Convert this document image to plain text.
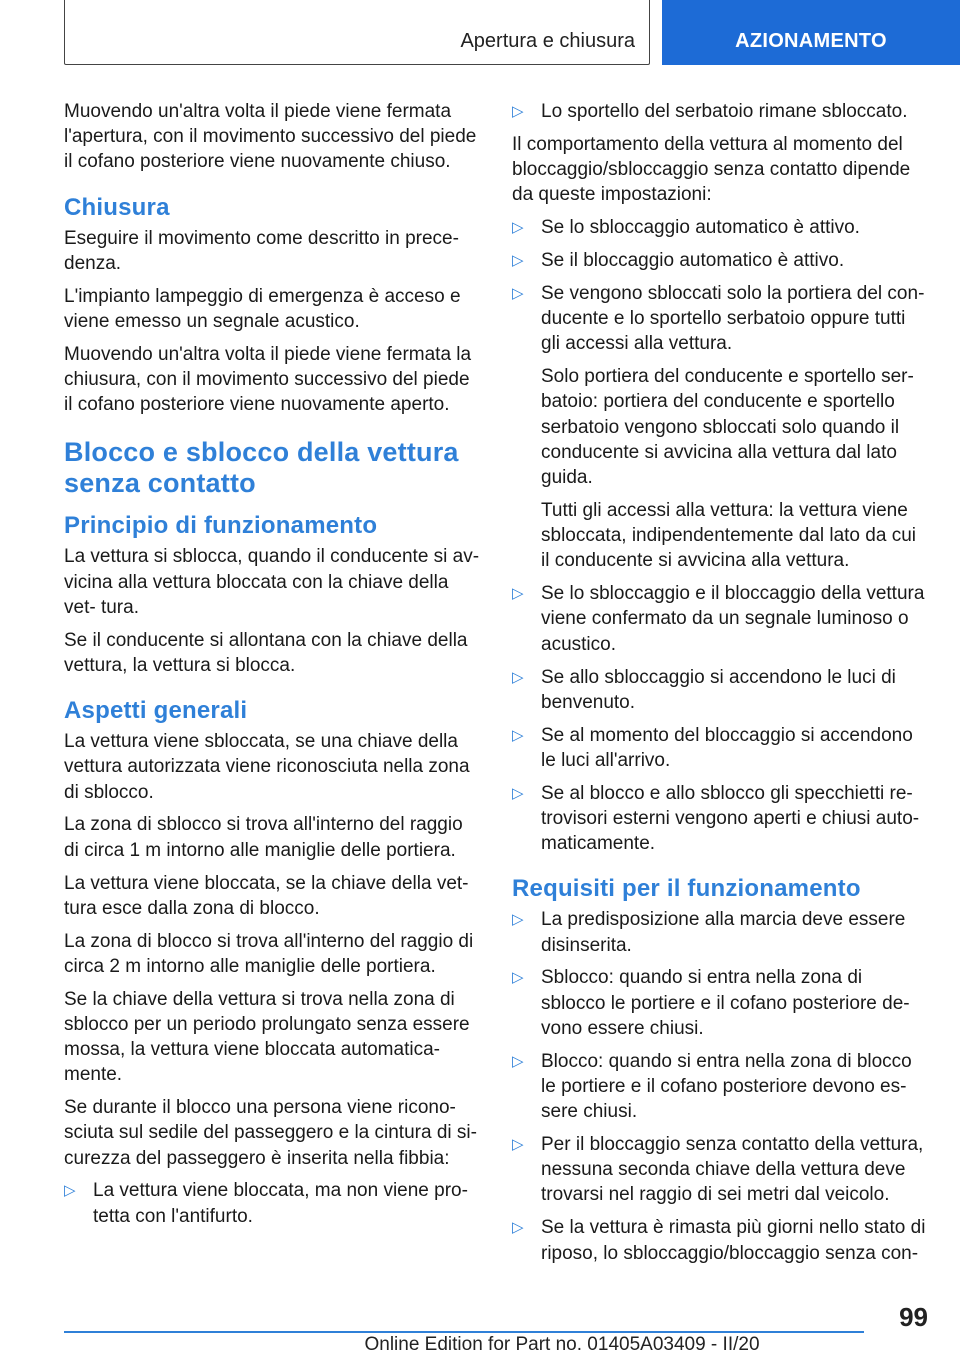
Apertura e chiusura	AZIONAMENTO
Muovendo un'altra volta il piede viene fermata l'apertura, con il movimento successivo del piede il cofano posteriore viene nuovamente chiuso.
Chiusura
Eseguire il movimento come descritto in prece‐ denza.
L'impianto lampeggio di emergenza è acceso e viene emesso un segnale acustico.
Muovendo un'altra volta il piede viene fermata la chiusura, con il movimento successivo del piede il cofano posteriore viene nuovamente aperto.
Blocco e sblocco della vettura senza contatto
Principio di funzionamento
La vettura si sblocca, quando il conducente si av‐ vicina alla vettura bloccata con la chiave della vet‐ tura.
Se il conducente si allontana con la chiave della vettura, la vettura si blocca.
Aspetti generali
La vettura viene sbloccata, se una chiave della vettura autorizzata viene riconosciuta nella zona di sblocco.
La zona di sblocco si trova all'interno del raggio di circa 1 m intorno alle maniglie delle portiera.
La vettura viene bloccata, se la chiave della vet‐ tura esce dalla zona di blocco.
La zona di blocco si trova all'interno del raggio di circa 2 m intorno alle maniglie delle portiera.
Se la chiave della vettura si trova nella zona di sblocco per un periodo prolungato senza essere mossa, la vettura viene bloccata automatica‐ mente.
Se durante il blocco una persona viene ricono‐ sciuta sul sedile del passeggero e la cintura di si‐ curezza del passeggero è inserita nella fibbia:
▷ La vettura viene bloccata, ma non viene pro‐ tetta con l'antifurto.
▷ Lo sportello del serbatoio rimane sbloccato.
Il comportamento della vettura al momento del bloccaggio/sbloccaggio senza contatto dipende da queste impostazioni:
▷ Se lo sbloccaggio automatico è attivo.
▷ Se il bloccaggio automatico è attivo.
▷ Se vengono sbloccati solo la portiera del con‐ ducente e lo sportello serbatoio oppure tutti gli accessi alla vettura.
Solo portiera del conducente e sportello ser‐ batoio: portiera del conducente e sportello serbatoio vengono sbloccati solo quando il conducente si avvicina alla vettura dal lato guida.
Tutti gli accessi alla vettura: la vettura viene sbloccata, indipendentemente dal lato da cui il conducente si avvicina alla vettura.
▷ Se lo sbloccaggio e il bloccaggio della vettura viene confermato da un segnale luminoso o acustico.
▷ Se allo sbloccaggio si accendono le luci di benvenuto.
▷ Se al momento del bloccaggio si accendono le luci all'arrivo.
▷ Se al blocco e allo sblocco gli specchietti re‐ trovisori esterni vengono aperti e chiusi auto‐ maticamente.
Requisiti per il funzionamento
▷ La predisposizione alla marcia deve essere disinserita.
▷ Sblocco: quando si entra nella zona di sblocco le portiere e il cofano posteriore de‐ vono essere chiusi.
▷ Blocco: quando si entra nella zona di blocco le portiere e il cofano posteriore devono es‐ sere chiusi.
▷ Per il bloccaggio senza contatto della vettura, nessuna seconda chiave della vettura deve trovarsi nel raggio di sei metri dal veicolo.
▷ Se la vettura è rimasta più giorni nello stato di riposo, lo sbloccaggio/bloccaggio senza con‐
99
Online Edition for Part no. 01405A03409 - II/20
